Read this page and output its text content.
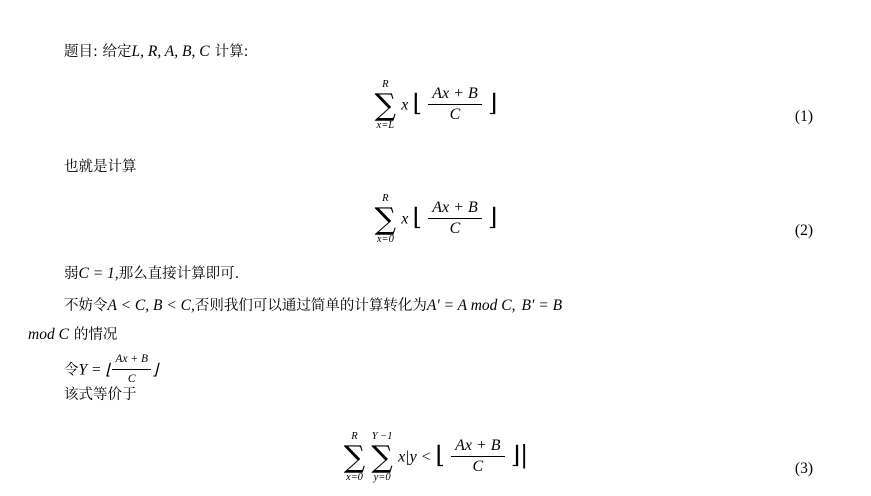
题目: 给定L, R, A, B, C 计算:
R
∑
x=L
x ⌊ $\frac{Ax + B}{C}$ ⌋	(1)
也就是计算
R
∑
x=0
x ⌊ $\frac{Ax + B}{C}$ ⌋	(2)
弱C = 1,那么直接计算即可.
不妨令A < C, B < C,否则我们可以通过简单的计算转化为A′ = A mod C, B′ = B
mod C 的情况
令Y = ⌊ $\frac{Ax + B}{C}$ ⌋
该式等价于
R
∑
x=0

Y −1
∑
y=0
x|y < ⌊ $\frac{Ax + B}{C}$ ⌋|	(3)
